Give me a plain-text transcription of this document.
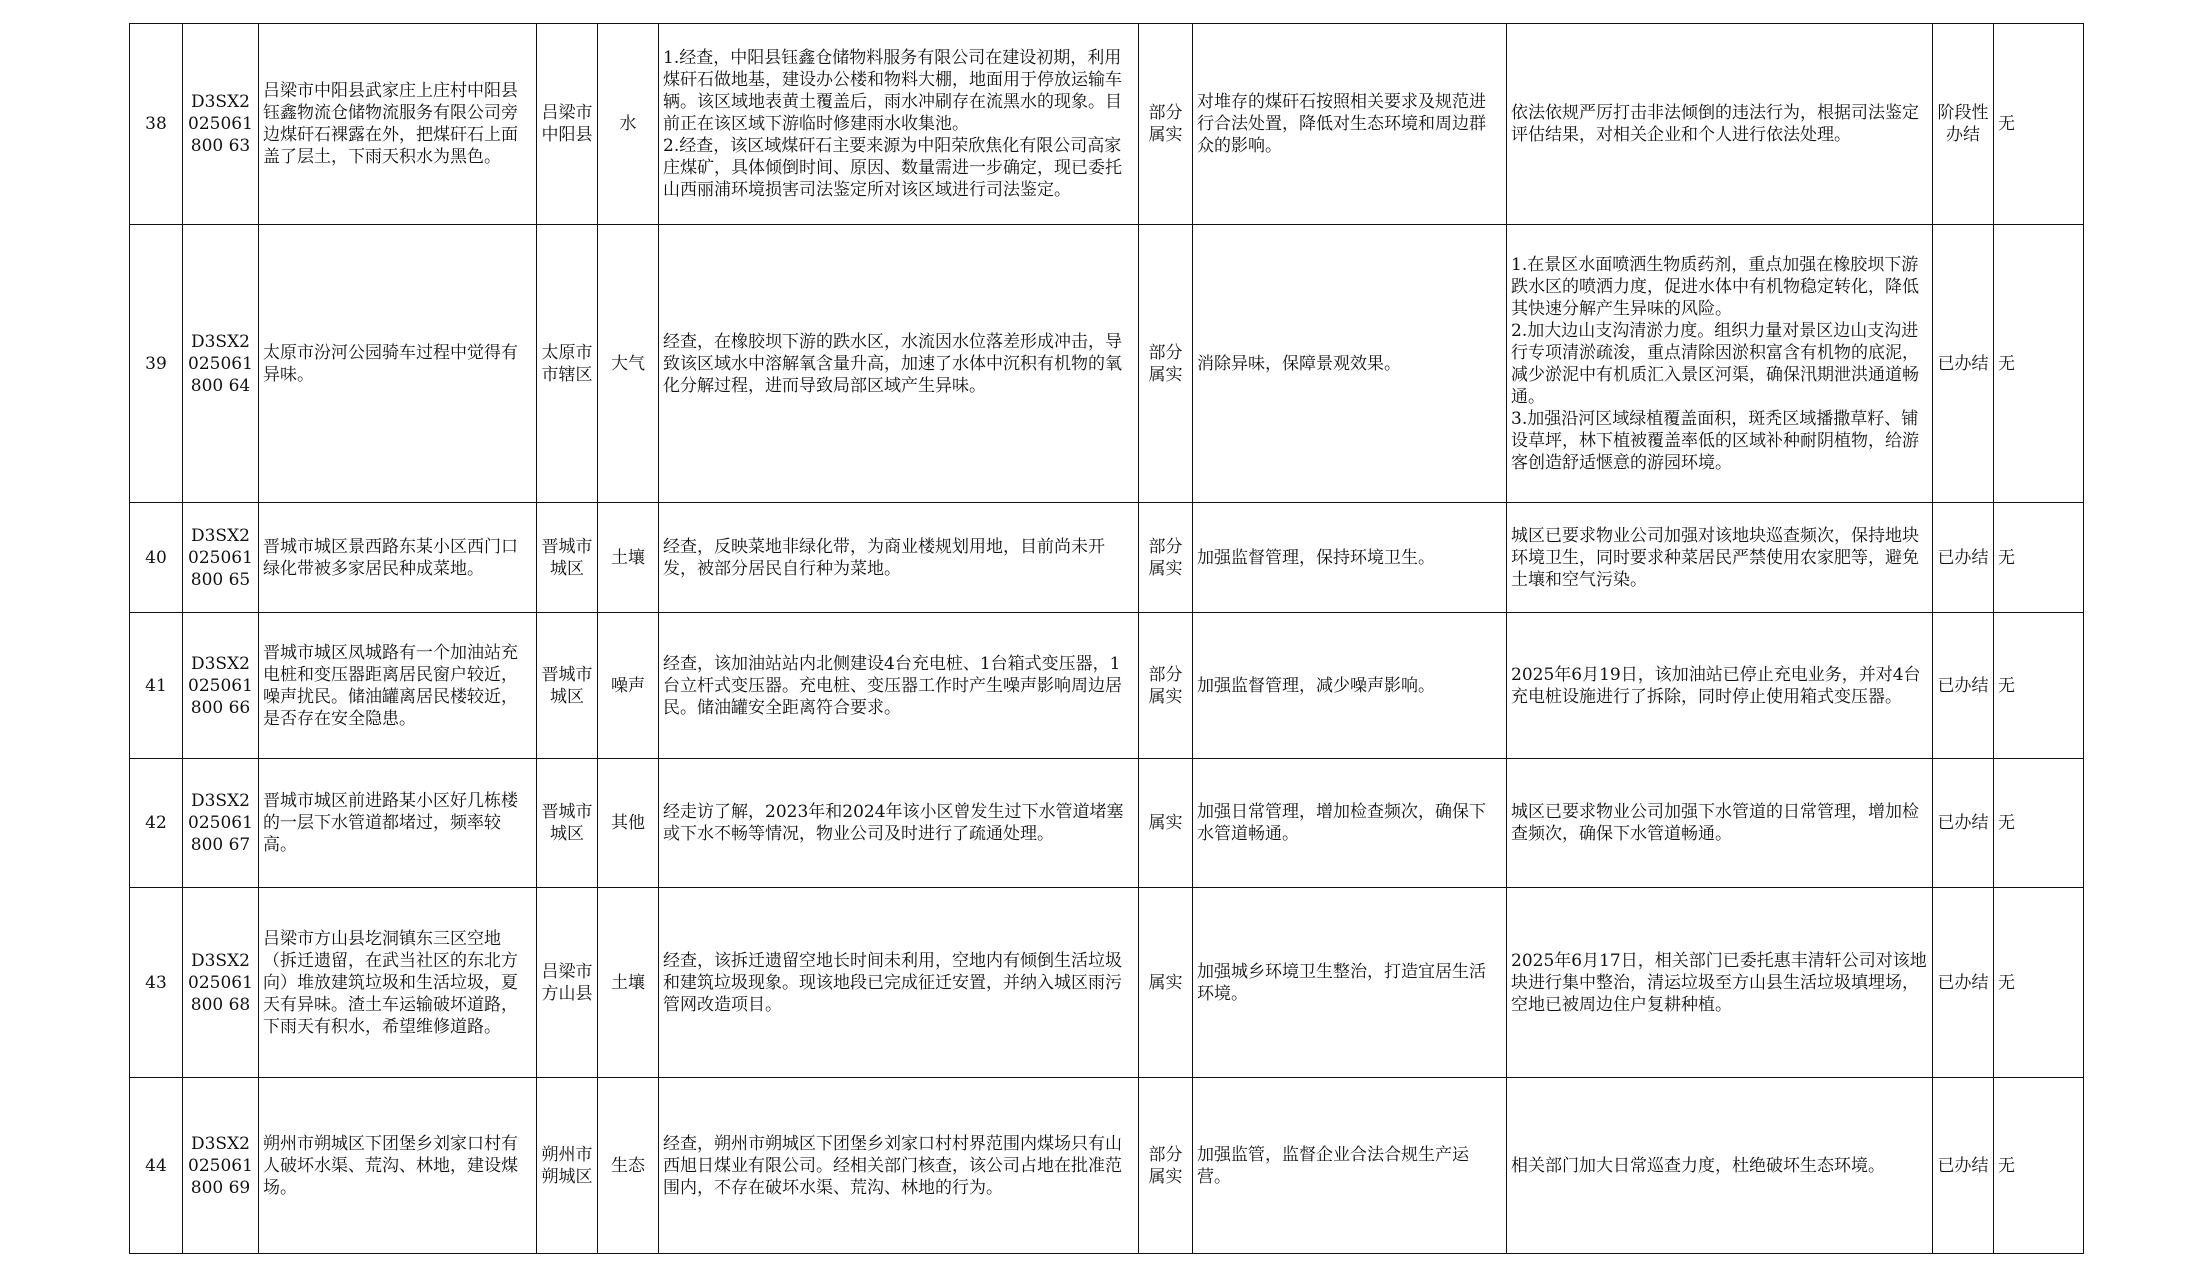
38	D3SX2025061800 63	吕梁市中阳县武家庄上庄村中阳县钰鑫物流仓储物流服务有限公司旁边煤矸石裸露在外，把煤矸石上面盖了层土，下雨天积水为黑色。	吕梁市中阳县	水	1.经查，中阳县钰鑫仓储物料服务有限公司在建设初期，利用煤矸石做地基，建设办公楼和物料大棚，地面用于停放运输车辆。该区域地表黄土覆盖后，雨水冲刷存在流黑水的现象。目前正在该区域下游临时修建雨水收集池。
2.经查，该区域煤矸石主要来源为中阳荣欣焦化有限公司高家庄煤矿，具体倾倒时间、原因、数量需进一步确定，现已委托山西丽浦环境损害司法鉴定所对该区域进行司法鉴定。	部分属实	对堆存的煤矸石按照相关要求及规范进行合法处置，降低对生态环境和周边群众的影响。	依法依规严厉打击非法倾倒的违法行为，根据司法鉴定评估结果，对相关企业和个人进行依法处理。	阶段性办结	无
39	D3SX2025061800 64	太原市汾河公园骑车过程中觉得有异味。	太原市市辖区	大气	经查，在橡胶坝下游的跌水区，水流因水位落差形成冲击，导致该区域水中溶解氧含量升高，加速了水体中沉积有机物的氧化分解过程，进而导致局部区域产生异味。	部分属实	消除异味，保障景观效果。	1.在景区水面喷洒生物质药剂，重点加强在橡胶坝下游跌水区的喷洒力度，促进水体中有机物稳定转化，降低其快速分解产生异味的风险。
2.加大边山支沟清淤力度。组织力量对景区边山支沟进行专项清淤疏浚，重点清除因淤积富含有机物的底泥，减少淤泥中有机质汇入景区河渠，确保汛期泄洪通道畅通。
3.加强沿河区域绿植覆盖面积，斑秃区域播撒草籽、铺设草坪，林下植被覆盖率低的区域补种耐阴植物，给游客创造舒适惬意的游园环境。	已办结	无
40	D3SX2025061800 65	晋城市城区景西路东某小区西门口绿化带被多家居民种成菜地。	晋城市城区	土壤	经查，反映菜地非绿化带，为商业楼规划用地，目前尚未开发，被部分居民自行种为菜地。	部分属实	加强监督管理，保持环境卫生。	城区已要求物业公司加强对该地块巡查频次，保持地块环境卫生，同时要求种菜居民严禁使用农家肥等，避免土壤和空气污染。	已办结	无
41	D3SX2025061800 66	晋城市城区凤城路有一个加油站充电桩和变压器距离居民窗户较近，噪声扰民。储油罐离居民楼较近，是否存在安全隐患。	晋城市城区	噪声	经查，该加油站站内北侧建设4台充电桩、1台箱式变压器，1台立杆式变压器。充电桩、变压器工作时产生噪声影响周边居民。储油罐安全距离符合要求。	部分属实	加强监督管理，减少噪声影响。	2025年6月19日，该加油站已停止充电业务，并对4台充电桩设施进行了拆除，同时停止使用箱式变压器。	已办结	无
42	D3SX2025061800 67	晋城市城区前进路某小区好几栋楼的一层下水管道都堵过，频率较高。	晋城市城区	其他	经走访了解，2023年和2024年该小区曾发生过下水管道堵塞或下水不畅等情况，物业公司及时进行了疏通处理。	属实	加强日常管理，增加检查频次，确保下水管道畅通。	城区已要求物业公司加强下水管道的日常管理，增加检查频次，确保下水管道畅通。	已办结	无
43	D3SX2025061800 68	吕梁市方山县圪洞镇东三区空地（拆迁遗留，在武当社区的东北方向）堆放建筑垃圾和生活垃圾，夏天有异味。渣土车运输破坏道路，下雨天有积水，希望维修道路。	吕梁市方山县	土壤	经查，该拆迁遗留空地长时间未利用，空地内有倾倒生活垃圾和建筑垃圾现象。现该地段已完成征迁安置，并纳入城区雨污管网改造项目。	属实	加强城乡环境卫生整治，打造宜居生活环境。	2025年6月17日，相关部门已委托惠丰清轩公司对该地块进行集中整治，清运垃圾至方山县生活垃圾填埋场，空地已被周边住户复耕种植。	已办结	无
44	D3SX2025061800 69	朔州市朔城区下团堡乡刘家口村有人破坏水渠、荒沟、林地，建设煤场。	朔州市朔城区	生态	经查，朔州市朔城区下团堡乡刘家口村村界范围内煤场只有山西旭日煤业有限公司。经相关部门核查，该公司占地在批准范围内，不存在破坏水渠、荒沟、林地的行为。	部分属实	加强监管，监督企业合法合规生产运营。	相关部门加大日常巡查力度，杜绝破坏生态环境。	已办结	无
